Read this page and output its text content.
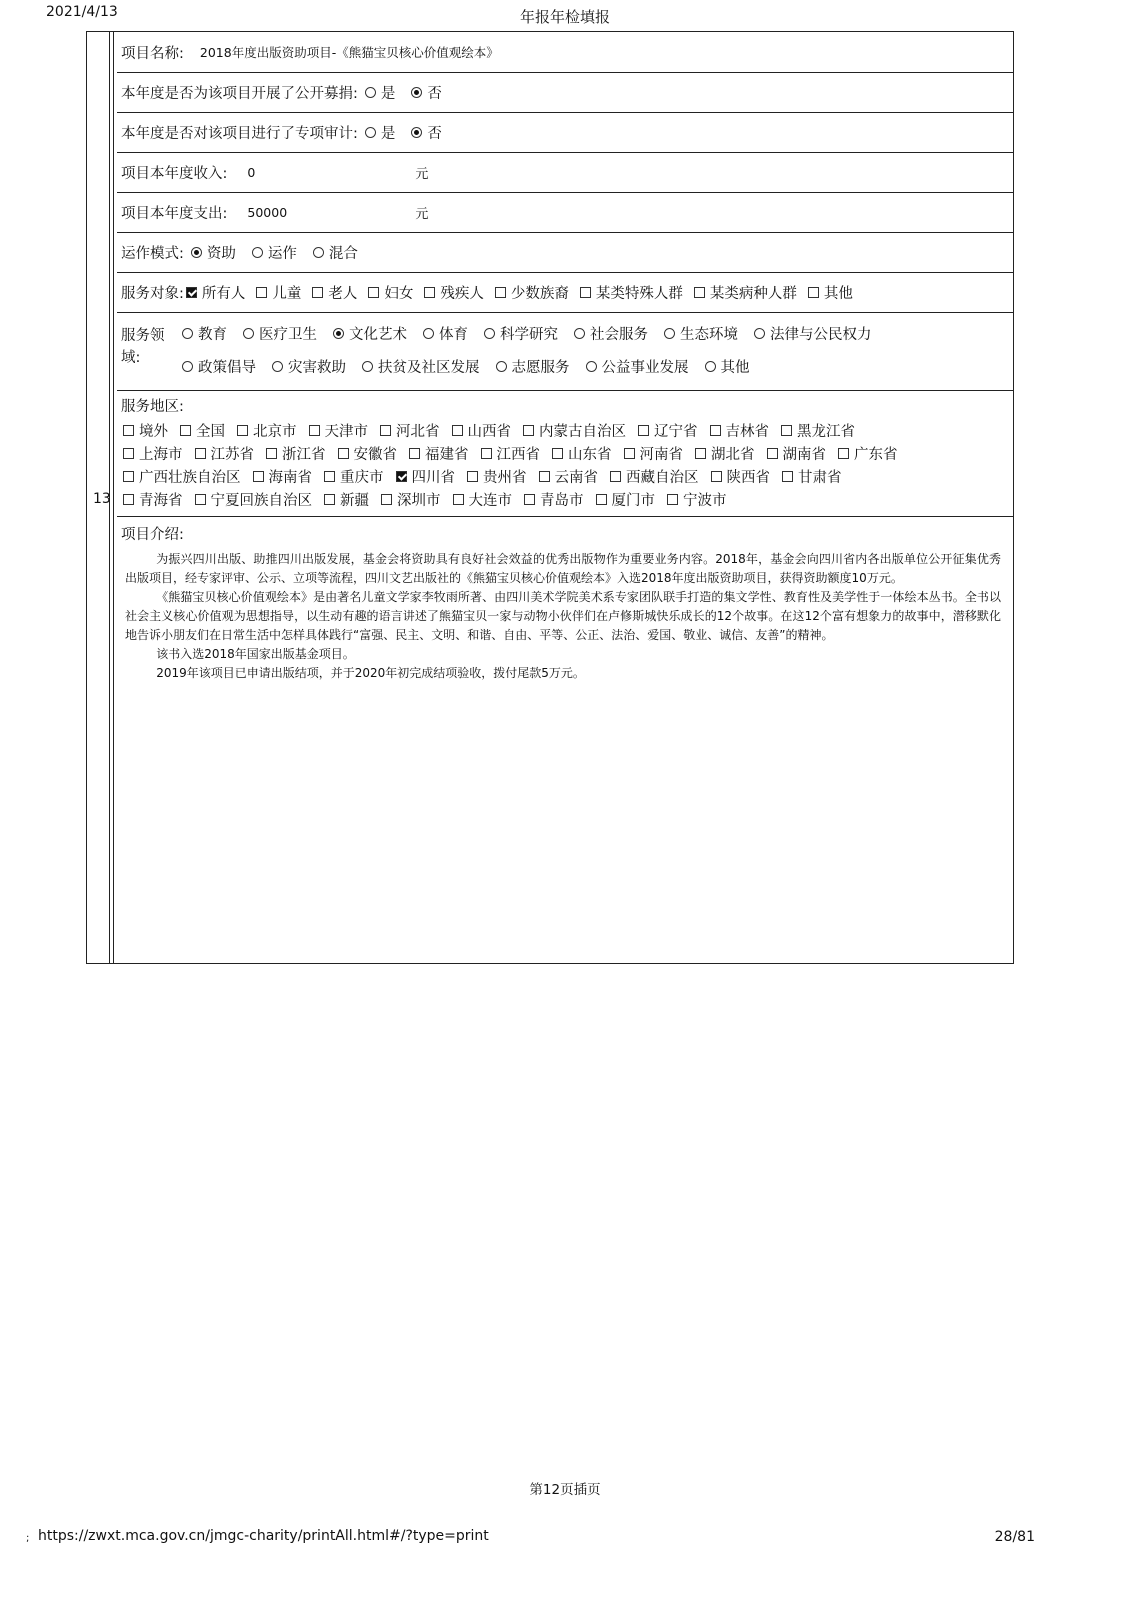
2021/4/13	年报年检填报
13
项目名称: 2018年度出版资助项目-《熊猫宝贝核心价值观绘本》
本年度是否为该项目开展了公开募捐: 是 否
本年度是否对该项目进行了专项审计: 是 否
项目本年度收入: 0	元
项目本年度支出: 50000	元
运作模式: 资助 运作 混合
服务对象: 所有人 儿童 老人 妇女 残疾人 少数族裔 某类特殊人群 某类病种人群 其他
服务领
域:
教育 医疗卫生 文化艺术 体育 科学研究 社会服务 生态环境 法律与公民权力
政策倡导 灾害救助 扶贫及社区发展 志愿服务 公益事业发展 其他
服务地区:
境外 全国 北京市 天津市 河北省 山西省 内蒙古自治区 辽宁省 吉林省 黑龙江省
上海市 江苏省 浙江省 安徽省 福建省 江西省 山东省 河南省 湖北省 湖南省 广东省
广西壮族自治区 海南省 重庆市 四川省 贵州省 云南省 西藏自治区 陕西省 甘肃省
青海省 宁夏回族自治区 新疆 深圳市 大连市 青岛市 厦门市 宁波市
项目介绍:
为振兴四川出版、助推四川出版发展，基金会将资助具有良好社会效益的优秀出版物作为重要业务内容。2018年，基金会向四川省内各出版单位公开征集优秀出版项目，经专家评审、公示、立项等流程，四川文艺出版社的《熊猫宝贝核心价值观绘本》入选2018年度出版资助项目，获得资助额度10万元。
《熊猫宝贝核心价值观绘本》是由著名儿童文学家李牧雨所著、由四川美术学院美术系专家团队联手打造的集文学性、教育性及美学性于一体绘本丛书。全书以社会主义核心价值观为思想指导，以生动有趣的语言讲述了熊猫宝贝一家与动物小伙伴们在卢修斯城快乐成长的12个故事。在这12个富有想象力的故事中，潜移默化地告诉小朋友们在日常生活中怎样具体践行“富强、民主、文明、和谐、自由、平等、公正、法治、爱国、敬业、诚信、友善”的精神。
该书入选2018年国家出版基金项目。
2019年该项目已申请出版结项，并于2020年初完成结项验收，拨付尾款5万元。
第12页插页
; https://zwxt.mca.gov.cn/jmgc-charity/printAll.html#/?type=print	28/81
